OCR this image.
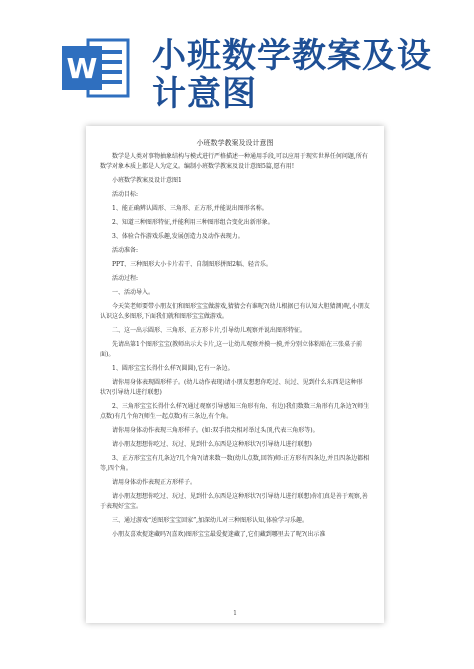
W 小班数学教案及设
计意图
小班数学教案及设计意图
数学是人类对事物抽象结构与模式进行严格描述一种通用手段,可以应用于现实世界任何问题,所有数学对象本质上都是人为定义。编制小班数学教案及设计意图5篇,愿有用!
小班数学教案及设计意图1
活动目标:
1、能正确辨认圆形、三角形、正方形,并能说出图形名称。
2、知道三种图形特征,并能利用三种图形组合变化出新形象。
3、体验合作游戏乐趣,发展创造力及动作表现力。
活动准备:
PPT、三种图形大小卡片若干、自制图形拼图2幅、轻音乐。
活动过程:
一、活动导入。
今天笑老师要带小朋友们和图形宝宝做游戏,猜猜会有谁呢?(幼儿根据已有认知大胆猜测)呢,小朋友认识这么多图形,下面我们就和图形宝宝做游戏。
二、这一出示圆形、三角形、正方形卡片,引导幼儿观察并说出图形特征。
先请出第1个图形宝宝(教师出示大卡片,这一让幼儿观察并摸一摸,并分别立体粘贴在三张桌子前面)。
1、圆形宝宝长得什么样?(圆圆),它有一条边。
请你用身体表现圆形样子。(幼儿动作表现)请小朋友想想你吃过、玩过、见到什么东西是这种形状?(引导幼儿进行联想)
2、三角形宝宝长得什么样?(通过观察引导感知三角形有角、有边)我们数数三角形有几条边?(师生点数)有几个角?(师生一起点数)有三条边,有个角。
请你用身体动作表现三角形样子。(如:双手指尖相对举过头顶,代表三角形等)。
请小朋友想想你吃过、玩过、见到什么东西是这种形状?(引导幼儿进行联想)
3、正方形宝宝有几条边?几个角?(请来数一数(幼儿点数,回答)师:正方形有四条边,并且四条边都相等,四个角。
请用身体动作表现正方形样子。
请小朋友想想你吃过、玩过、见到什么东西是这种形状?(引导幼儿进行联想)你们真是善于观察,善于表现好宝宝。
三、通过游戏“送图形宝宝回家”,加深幼儿对三种图形认知,体验学习乐趣。
小朋友喜欢捉迷藏吗?(喜欢)图形宝宝最爱捉迷藏了,它们藏到哪里去了呢?(出示准
1
